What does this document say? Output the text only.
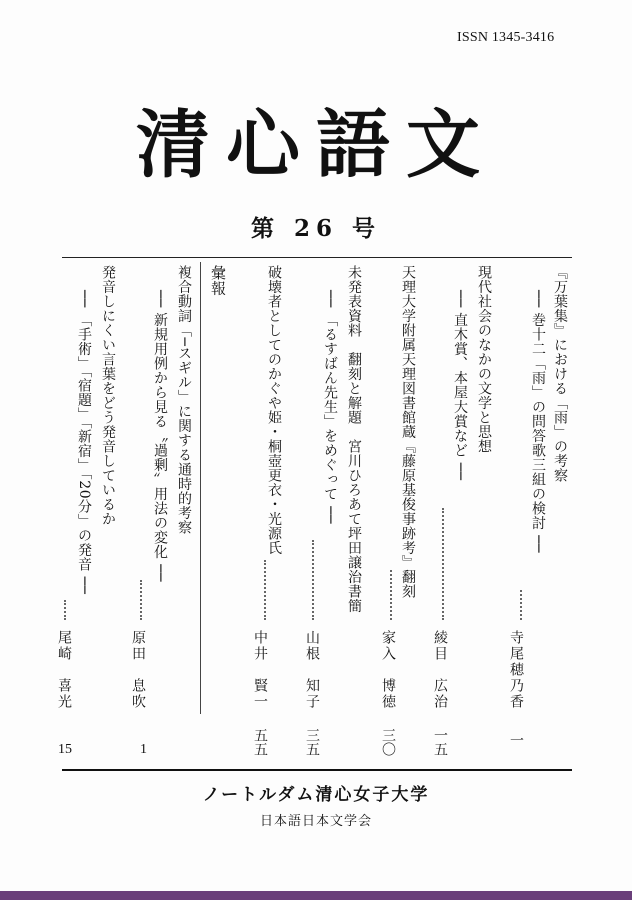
ISSN 1345-3416
清心語文
第 26 号
『万葉集』における「雨」の考察
── 巻十二「雨」の問答歌三組の検討 ──
寺尾穂乃香
一
現代社会のなかの文学と思想
── 直木賞、本屋大賞など ──
綾目　広治
一五
天理大学附属天理図書館蔵『藤原基俊事跡考』翻刻
家入　博徳
三〇
未発表資料　翻刻と解題　宮川ひろあて坪田譲治書簡
── 「るすばん先生」をめぐって ──
山根　知子
三五
破壊者としてのかぐや姫・桐壺更衣・光源氏
中井　賢一
五五
彙報
複合動詞「─スギル」に関する通時的考察
── 新規用例から見る〝過剰〟用法の変化 ──
原田　息吹
1
発音しにくい言葉をどう発音しているか
── 「手術」「宿題」「新宿」「20分」の発音 ──
尾崎　喜光
15
ノートルダム清心女子大学
日本語日本文学会
